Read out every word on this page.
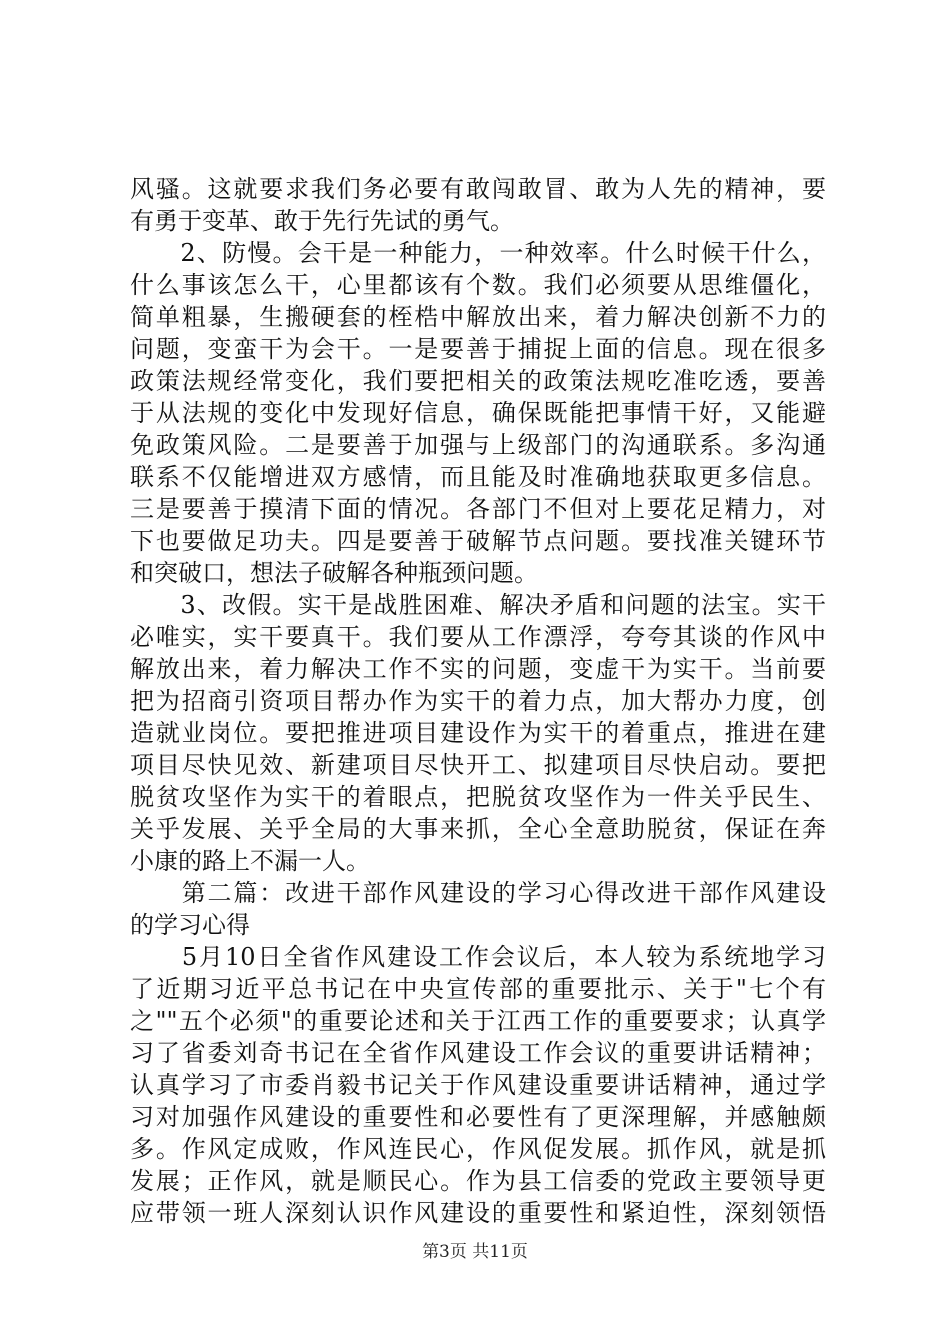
风骚。这就要求我们务必要有敢闯敢冒、敢为人先的精神，要
有勇于变革、敢于先行先试的勇气。
　　2、防慢。会干是一种能力，一种效率。什么时候干什么，
什么事该怎么干，心里都该有个数。我们必须要从思维僵化，
简单粗暴，生搬硬套的桎梏中解放出来，着力解决创新不力的
问题，变蛮干为会干。一是要善于捕捉上面的信息。现在很多
政策法规经常变化，我们要把相关的政策法规吃准吃透，要善
于从法规的变化中发现好信息，确保既能把事情干好，又能避
免政策风险。二是要善于加强与上级部门的沟通联系。多沟通
联系不仅能增进双方感情，而且能及时准确地获取更多信息。
三是要善于摸清下面的情况。各部门不但对上要花足精力，对
下也要做足功夫。四是要善于破解节点问题。要找准关键环节
和突破口，想法子破解各种瓶颈问题。
　　3、改假。实干是战胜困难、解决矛盾和问题的法宝。实干
必唯实，实干要真干。我们要从工作漂浮，夸夸其谈的作风中
解放出来，着力解决工作不实的问题，变虚干为实干。当前要
把为招商引资项目帮办作为实干的着力点，加大帮办力度，创
造就业岗位。要把推进项目建设作为实干的着重点，推进在建
项目尽快见效、新建项目尽快开工、拟建项目尽快启动。要把
脱贫攻坚作为实干的着眼点，把脱贫攻坚作为一件关乎民生、
关乎发展、关乎全局的大事来抓，全心全意助脱贫，保证在奔
小康的路上不漏一人。
　　第二篇：改进干部作风建设的学习心得改进干部作风建设
的学习心得
　　5月10日全省作风建设工作会议后，本人较为系统地学习
了近期习近平总书记在中央宣传部的重要批示、关于"七个有
之""五个必须"的重要论述和关于江西工作的重要要求；认真学
习了省委刘奇书记在全省作风建设工作会议的重要讲话精神；
认真学习了市委肖毅书记关于作风建设重要讲话精神，通过学
习对加强作风建设的重要性和必要性有了更深理解，并感触颇
多。作风定成败，作风连民心，作风促发展。抓作风，就是抓
发展；正作风，就是顺民心。作为县工信委的党政主要领导更
应带领一班人深刻认识作风建设的重要性和紧迫性，深刻领悟
第3页 共11页
